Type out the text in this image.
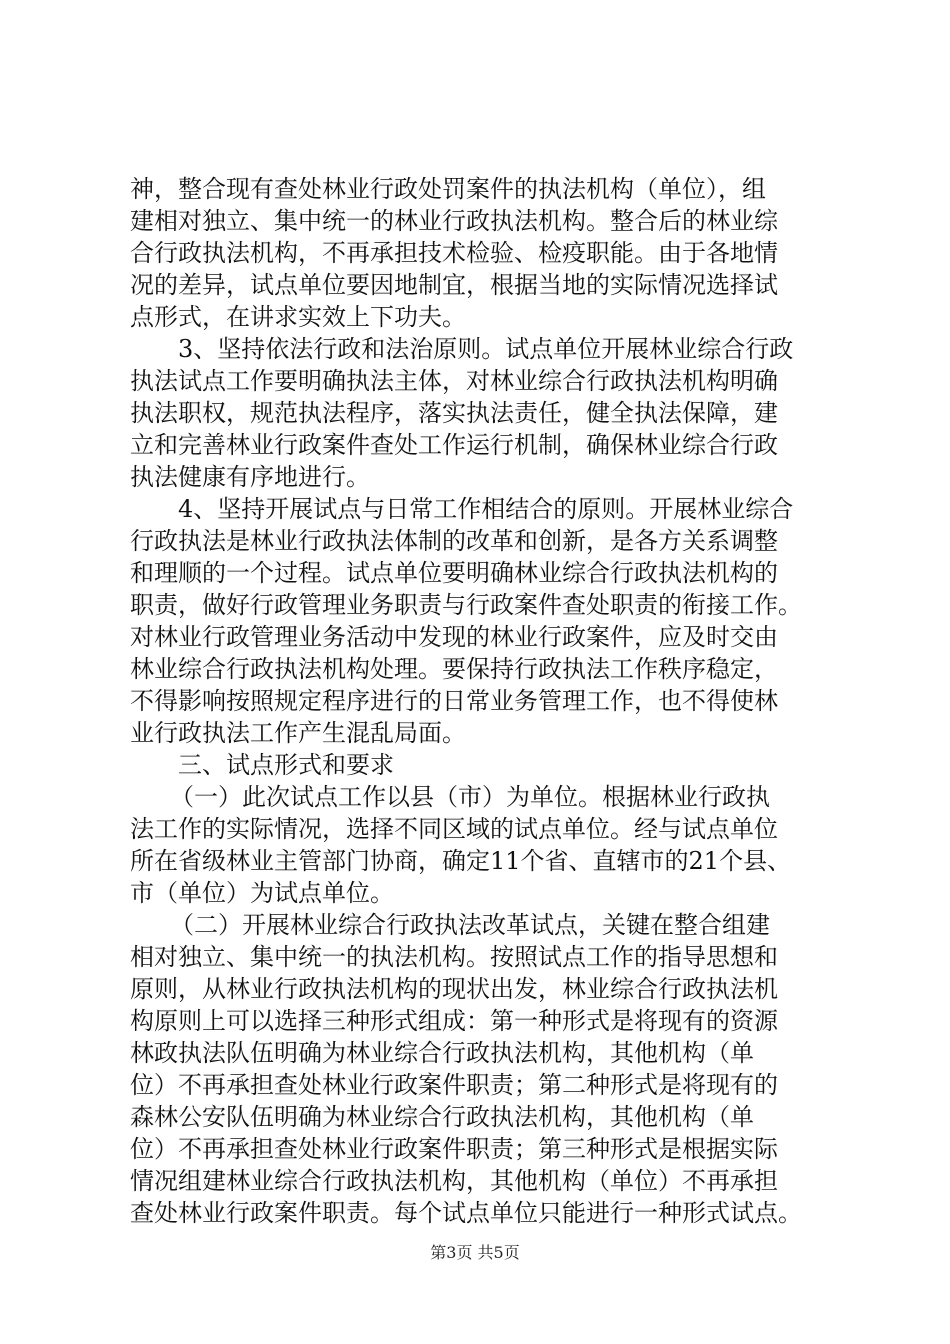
神，整合现有查处林业行政处罚案件的执法机构（单位），组
建相对独立、集中统一的林业行政执法机构。整合后的林业综
合行政执法机构，不再承担技术检验、检疫职能。由于各地情
况的差异，试点单位要因地制宜，根据当地的实际情况选择试
点形式，在讲求实效上下功夫。
3、坚持依法行政和法治原则。试点单位开展林业综合行政
执法试点工作要明确执法主体，对林业综合行政执法机构明确
执法职权，规范执法程序，落实执法责任，健全执法保障，建
立和完善林业行政案件查处工作运行机制，确保林业综合行政
执法健康有序地进行。
4、坚持开展试点与日常工作相结合的原则。开展林业综合
行政执法是林业行政执法体制的改革和创新，是各方关系调整
和理顺的一个过程。试点单位要明确林业综合行政执法机构的
职责，做好行政管理业务职责与行政案件查处职责的衔接工作。
对林业行政管理业务活动中发现的林业行政案件，应及时交由
林业综合行政执法机构处理。要保持行政执法工作秩序稳定，
不得影响按照规定程序进行的日常业务管理工作，也不得使林
业行政执法工作产生混乱局面。
三、试点形式和要求
（一）此次试点工作以县（市）为单位。根据林业行政执
法工作的实际情况，选择不同区域的试点单位。经与试点单位
所在省级林业主管部门协商，确定11个省、直辖市的21个县、
市（单位）为试点单位。
（二）开展林业综合行政执法改革试点，关键在整合组建
相对独立、集中统一的执法机构。按照试点工作的指导思想和
原则，从林业行政执法机构的现状出发，林业综合行政执法机
构原则上可以选择三种形式组成：第一种形式是将现有的资源
林政执法队伍明确为林业综合行政执法机构，其他机构（单
位）不再承担查处林业行政案件职责；第二种形式是将现有的
森林公安队伍明确为林业综合行政执法机构，其他机构（单
位）不再承担查处林业行政案件职责；第三种形式是根据实际
情况组建林业综合行政执法机构，其他机构（单位）不再承担
查处林业行政案件职责。每个试点单位只能进行一种形式试点。
第3页 共5页
